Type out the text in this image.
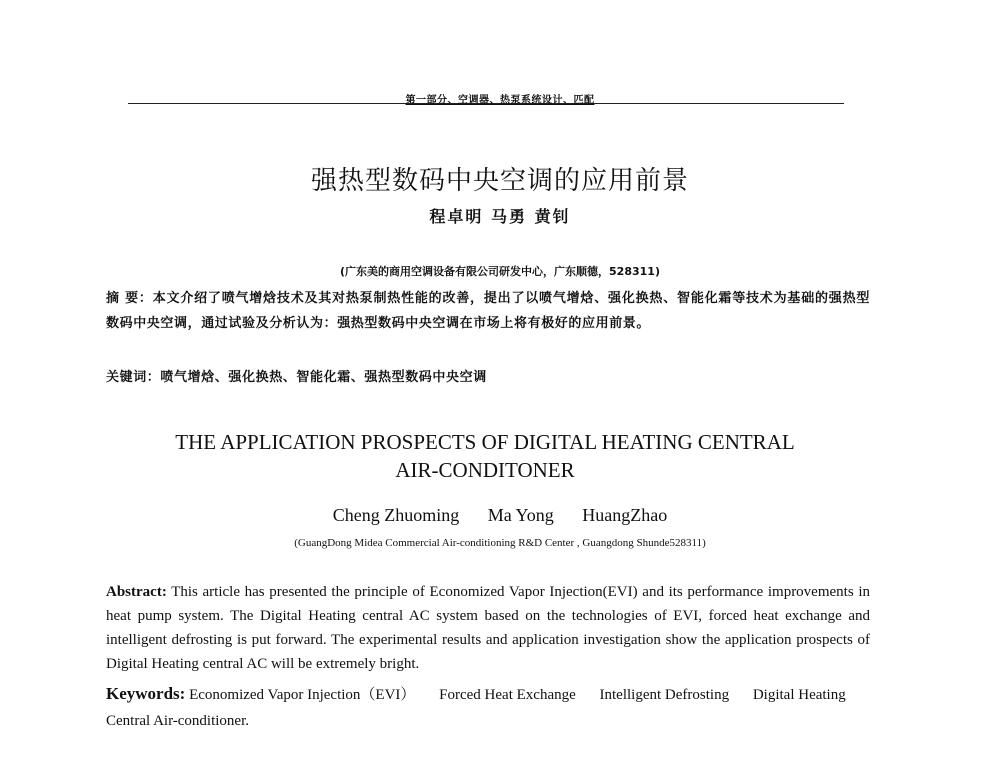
第一部分、空调器、热泵系统设计、匹配
强热型数码中央空调的应用前景
程卓明 马勇 黄钊
(广东美的商用空调设备有限公司研发中心，广东顺德，528311)
摘 要：本文介绍了喷气增焓技术及其对热泵制热性能的改善，提出了以喷气增焓、强化换热、智能化霜等技术为基础的强热型数码中央空调，通过试验及分析认为：强热型数码中央空调在市场上将有极好的应用前景。
关键词：喷气增焓、强化换热、智能化霜、强热型数码中央空调
THE APPLICATION PROSPECTS OF DIGITAL HEATING CENTRAL
AIR-CONDITONER
Cheng Zhuoming Ma Yong HuangZhao
(GuangDong Midea Commercial Air-conditioning R&D Center , Guangdong Shunde528311)
Abstract: This article has presented the principle of Economized Vapor Injection(EVI) and its performance improvements in heat pump system. The Digital Heating central AC system based on the technologies of EVI, forced heat exchange and intelligent defrosting is put forward. The experimental results and application investigation show the application prospects of Digital Heating central AC will be extremely bright.
Keywords: Economized Vapor Injection（EVI） Forced Heat Exchange Intelligent Defrosting Digital Heating Central Air-conditioner.
